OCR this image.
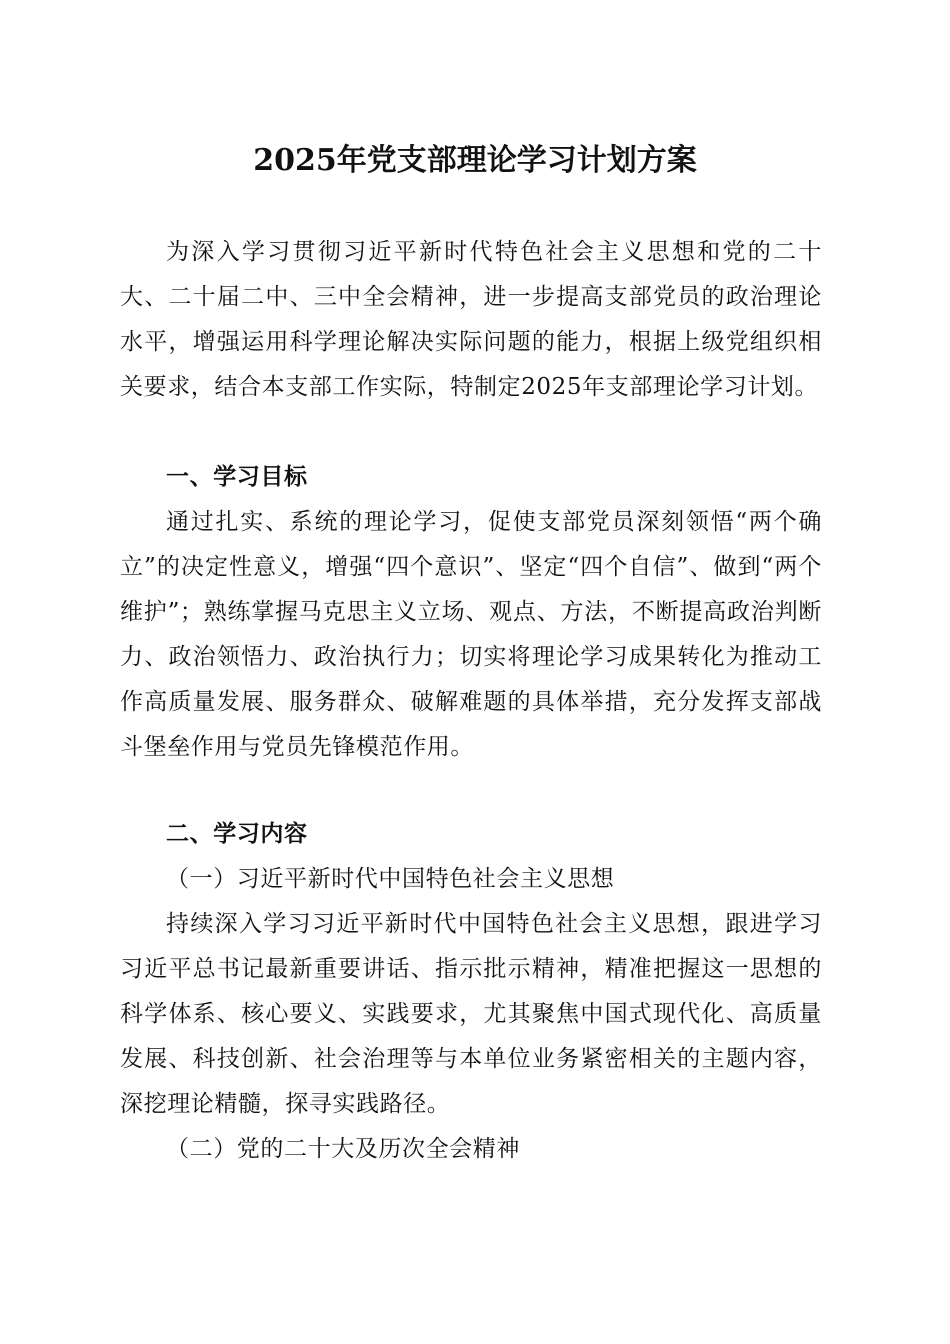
2025年党支部理论学习计划方案

为深入学习贯彻习近平新时代特色社会主义思想和党的二十大、二十届二中、三中全会精神，进一步提高支部党员的政治理论水平，增强运用科学理论解决实际问题的能力，根据上级党组织相关要求，结合本支部工作实际，特制定2025年支部理论学习计划。

一、学习目标

通过扎实、系统的理论学习，促使支部党员深刻领悟“两个确立”的决定性意义，增强“四个意识”、坚定“四个自信”、做到“两个维护”；熟练掌握马克思主义立场、观点、方法，不断提高政治判断力、政治领悟力、政治执行力；切实将理论学习成果转化为推动工作高质量发展、服务群众、破解难题的具体举措，充分发挥支部战斗堡垒作用与党员先锋模范作用。

二、学习内容

（一）习近平新时代中国特色社会主义思想

持续深入学习习近平新时代中国特色社会主义思想，跟进学习习近平总书记最新重要讲话、指示批示精神，精准把握这一思想的科学体系、核心要义、实践要求，尤其聚焦中国式现代化、高质量发展、科技创新、社会治理等与本单位业务紧密相关的主题内容，深挖理论精髓，探寻实践路径。

（二）党的二十大及历次全会精神
